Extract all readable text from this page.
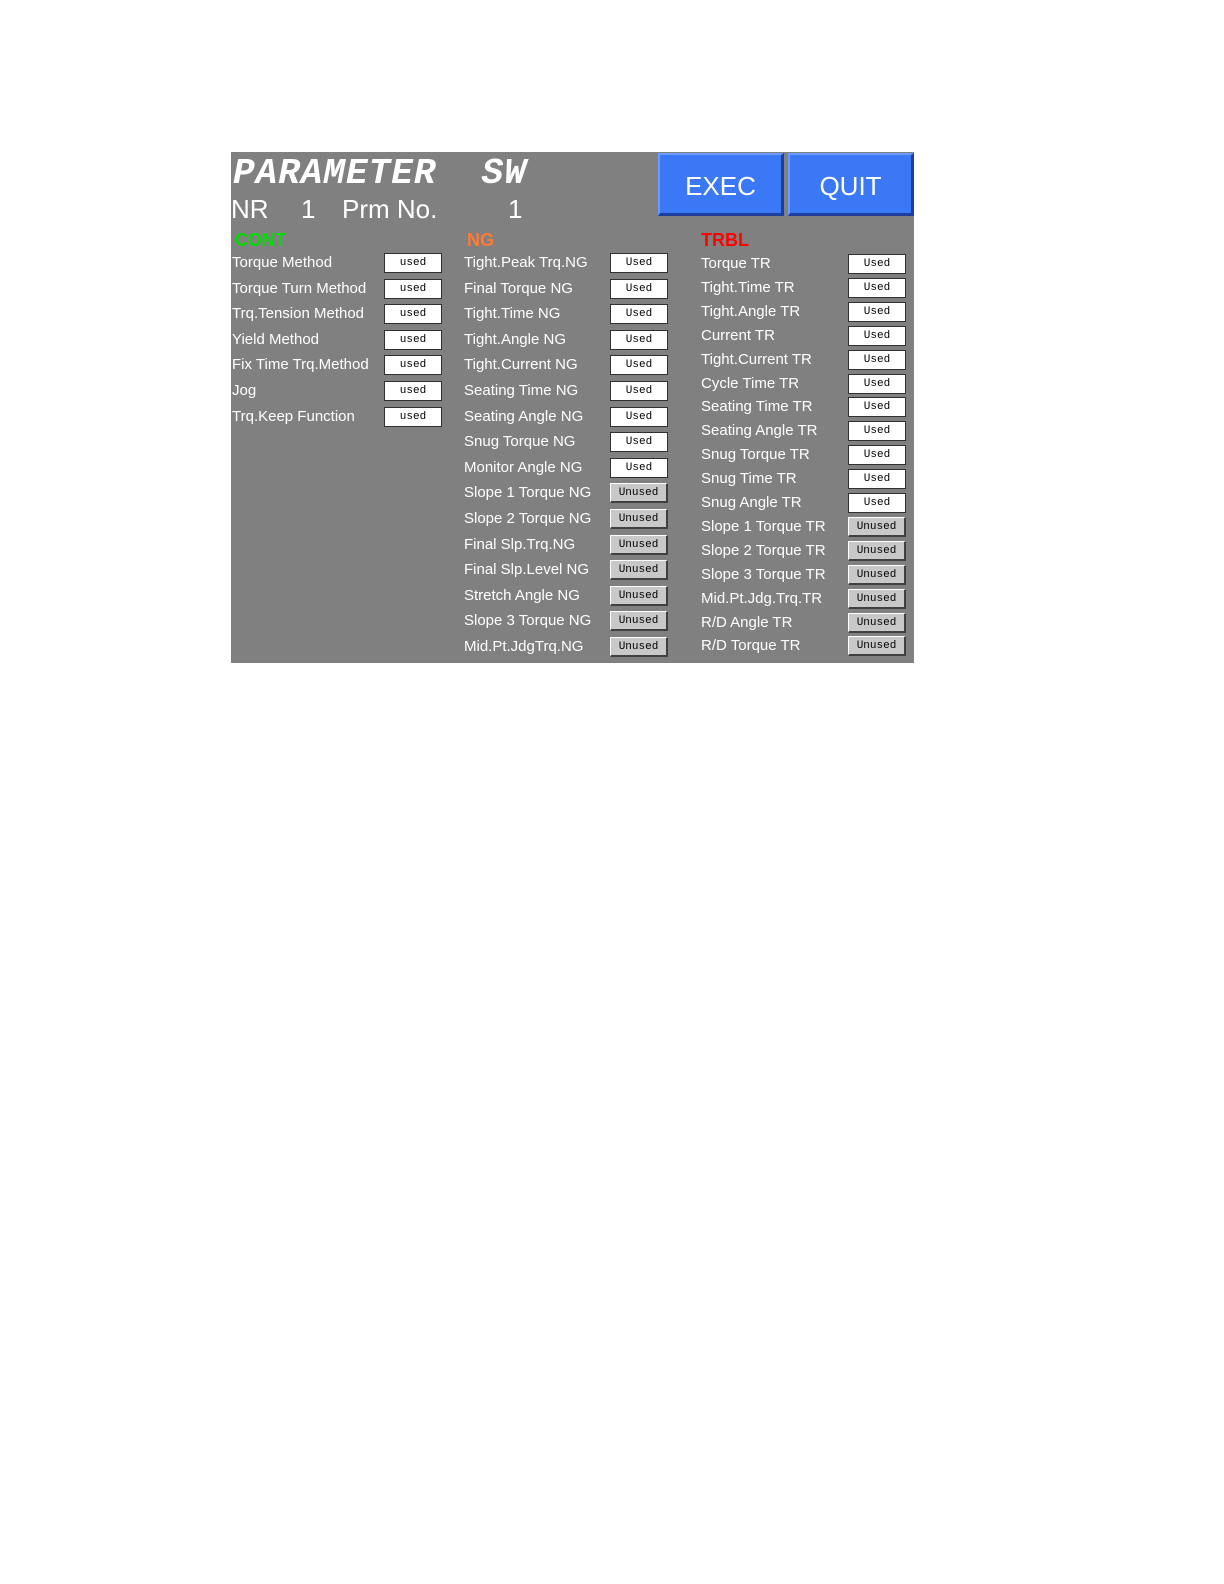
PARAMETER  SW
NR 1 Prm No.	1
EXEC	QUIT
CONT
Torque Method	used
Torque Turn Method	used
Trq.Tension Method	used
Yield Method	used
Fix Time Trq.Method	used
Jog	used
Trq.Keep Function	used
NG
Tight.Peak Trq.NG	Used
Final Torque NG	Used
Tight.Time NG	Used
Tight.Angle NG	Used
Tight.Current NG	Used
Seating Time NG	Used
Seating Angle NG	Used
Snug Torque NG	Used
Monitor Angle NG	Used
Slope 1 Torque NG	Unused
Slope 2 Torque NG	Unused
Final Slp.Trq.NG	Unused
Final Slp.Level NG	Unused
Stretch Angle NG	Unused
Slope 3 Torque NG	Unused
Mid.Pt.JdgTrq.NG	Unused
TRBL
Torque TR	Used
Tight.Time TR	Used
Tight.Angle TR	Used
Current TR	Used
Tight.Current TR	Used
Cycle Time TR	Used
Seating Time TR	Used
Seating Angle TR	Used
Snug Torque TR	Used
Snug Time TR	Used
Snug Angle TR	Used
Slope 1 Torque TR	Unused
Slope 2 Torque TR	Unused
Slope 3 Torque TR	Unused
Mid.Pt.Jdg.Trq.TR	Unused
R/D Angle TR	Unused
R/D Torque TR	Unused
